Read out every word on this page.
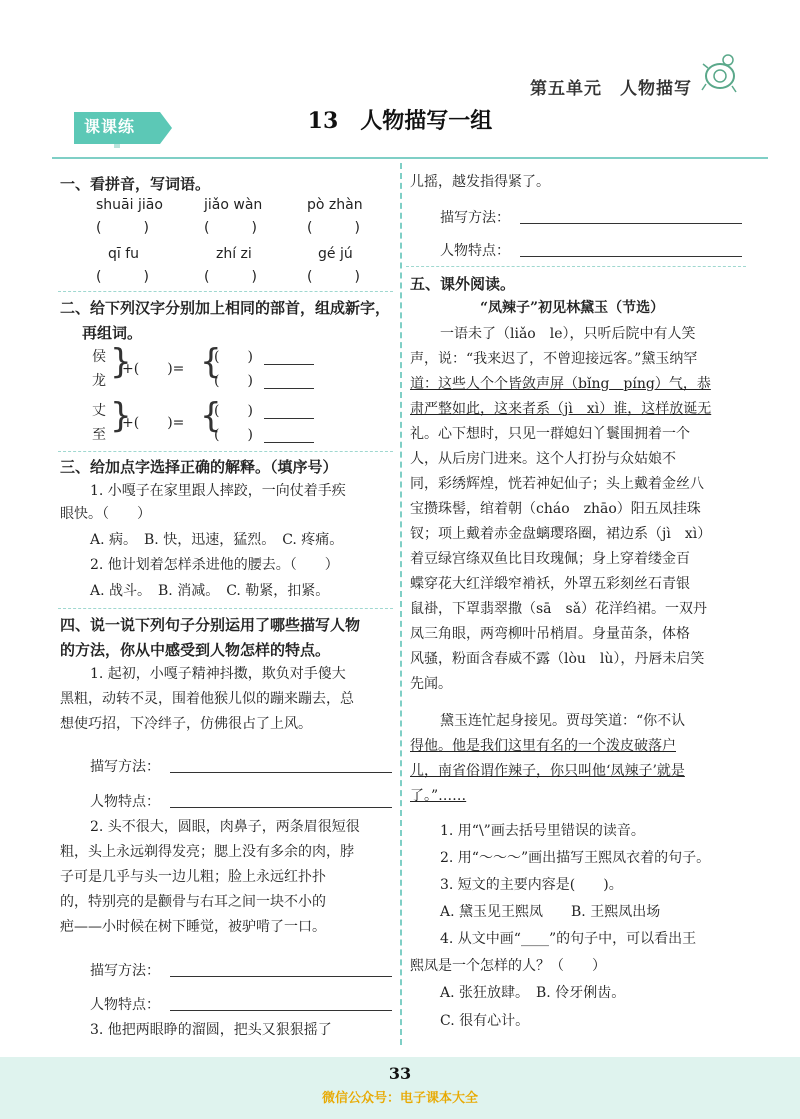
第五单元　人物描写
课课练	13 人物描写一组
一、看拼音，写词语。
shuāi jiāo	jiǎo wàn	pò zhàn
(　　　)	(　　　)	(　　　)
qī fu	zhí zi	gé jú
(　　　)	(　　　)	(　　　)
二、给下列汉字分别加上相同的部首，组成新字，
再组词。
侯
龙 }
+(　　)= {
(　　)
(　　)
丈
至 }
+(　　)= {
(　　)
(　　)
三、给加点字选择正确的解释。（填序号）
1. 小嘎子在家里跟人摔跤，一向仗着手疾
眼快。（　　）
A. 病。　B. 快，迅速，猛烈。　C. 疼痛。
2. 他计划着怎样杀进他的腰去。（　　）
A. 战斗。　B. 消减。　C. 勒紧，扣紧。
四、说一说下列句子分别运用了哪些描写人物
的方法，你从中感受到人物怎样的特点。
1. 起初，小嘎子精神抖擞，欺负对手傻大
黑粗，动转不灵，围着他猴儿似的蹦来蹦去，总
想使巧招，下冷绊子，仿佛很占了上风。
描写方法：
人物特点：
2. 头不很大，圆眼，肉鼻子，两条眉很短很
粗，头上永远剃得发亮；腮上没有多余的肉，脖
子可是几乎与头一边儿粗；脸上永远红扑扑
的，特别亮的是颧骨与右耳之间一块不小的
疤——小时候在树下睡觉，被驴啃了一口。
描写方法：
人物特点：
3. 他把两眼睁的溜圆，把头又狠狠摇了
儿摇，越发指得紧了。
描写方法：
人物特点：
五、课外阅读。
“凤辣子”初见林黛玉（节选）
一语未了（liǎo　le），只听后院中有人笑
声，说：“我来迟了，不曾迎接远客。”黛玉纳罕
道：这些人个个皆敛声屏（bǐng　píng）气，恭
肃严整如此，这来者系（jì　xì）谁，这样放诞无
礼。心下想时，只见一群媳妇丫鬟围拥着一个
人，从后房门进来。这个人打扮与众姑娘不
同，彩绣辉煌，恍若神妃仙子；头上戴着金丝八
宝攒珠髻，绾着朝（cháo　zhāo）阳五凤挂珠
钗；项上戴着赤金盘螭璎珞圈，裙边系（jì　xì）
着豆绿宫绦双鱼比目玫瑰佩；身上穿着缕金百
蝶穿花大红洋缎窄褃袄，外罩五彩刻丝石青银
鼠褂，下罩翡翠撒（sā　sǎ）花洋绉裙。一双丹
凤三角眼，两弯柳叶吊梢眉。身量苗条，体格
风骚，粉面含春威不露（lòu　lù），丹唇未启笑
先闻。
黛玉连忙起身接见。贾母笑道：“你不认
得他。他是我们这里有名的一个泼皮破落户
儿，南省俗谓作辣子，你只叫他‘凤辣子’就是
了。”……
1. 用“\”画去括号里错误的读音。
2. 用“～～～”画出描写王熙凤衣着的句子。
3. 短文的主要内容是(　　)。
A. 黛玉见王熙凤　　B. 王熙凤出场
4. 从文中画“____”的句子中，可以看出王
熙凤是一个怎样的人？（　　）
A. 张狂放肆。　B. 伶牙俐齿。
C. 很有心计。
33
微信公众号：电子课本大全
